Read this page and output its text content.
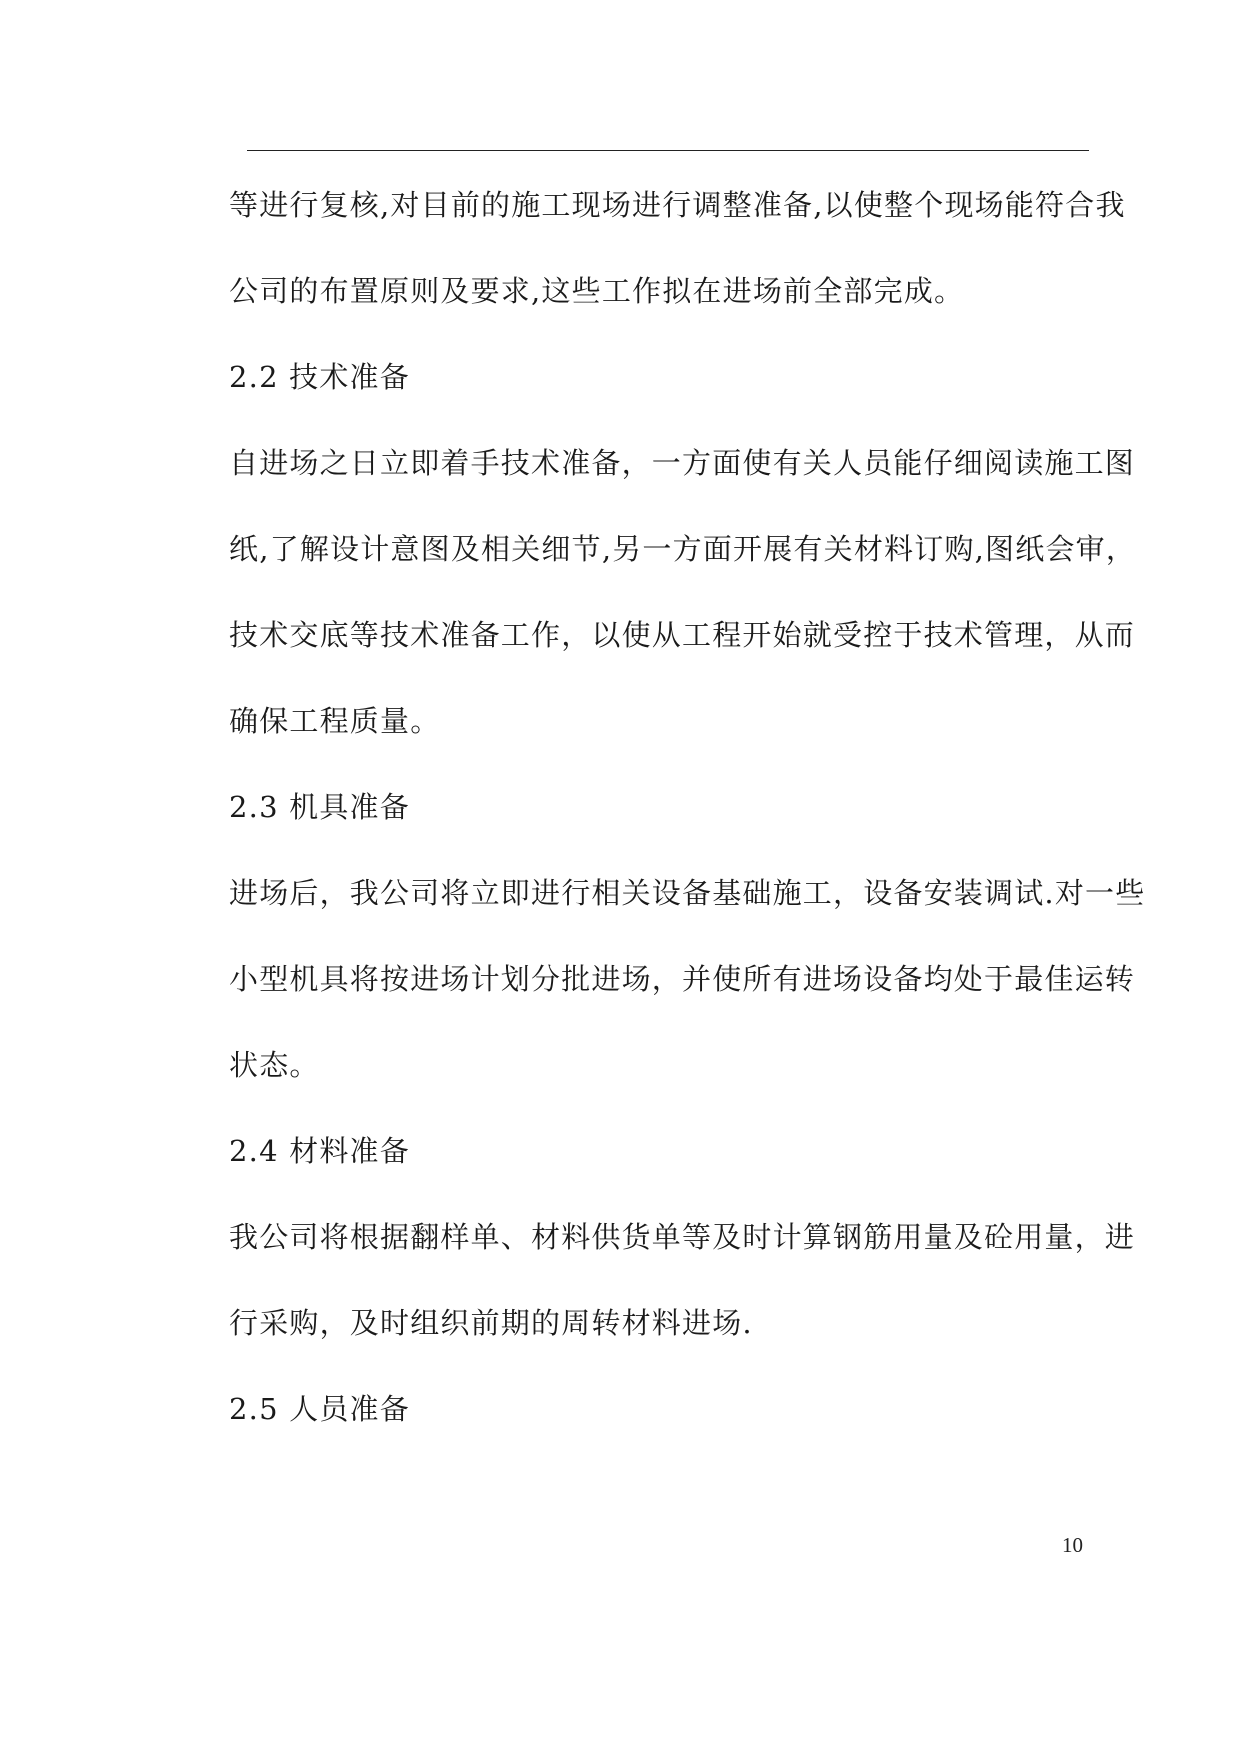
等进行复核,对目前的施工现场进行调整准备,以使整个现场能符合我
公司的布置原则及要求,这些工作拟在进场前全部完成。
2.2 技术准备
自进场之日立即着手技术准备，一方面使有关人员能仔细阅读施工图
纸,了解设计意图及相关细节,另一方面开展有关材料订购,图纸会审，
技术交底等技术准备工作，以使从工程开始就受控于技术管理，从而
确保工程质量。
2.3 机具准备
进场后，我公司将立即进行相关设备基础施工，设备安装调试.对一些
小型机具将按进场计划分批进场，并使所有进场设备均处于最佳运转
状态。
2.4 材料准备
我公司将根据翻样单、材料供货单等及时计算钢筋用量及砼用量，进
行采购，及时组织前期的周转材料进场.
2.5 人员准备
10
